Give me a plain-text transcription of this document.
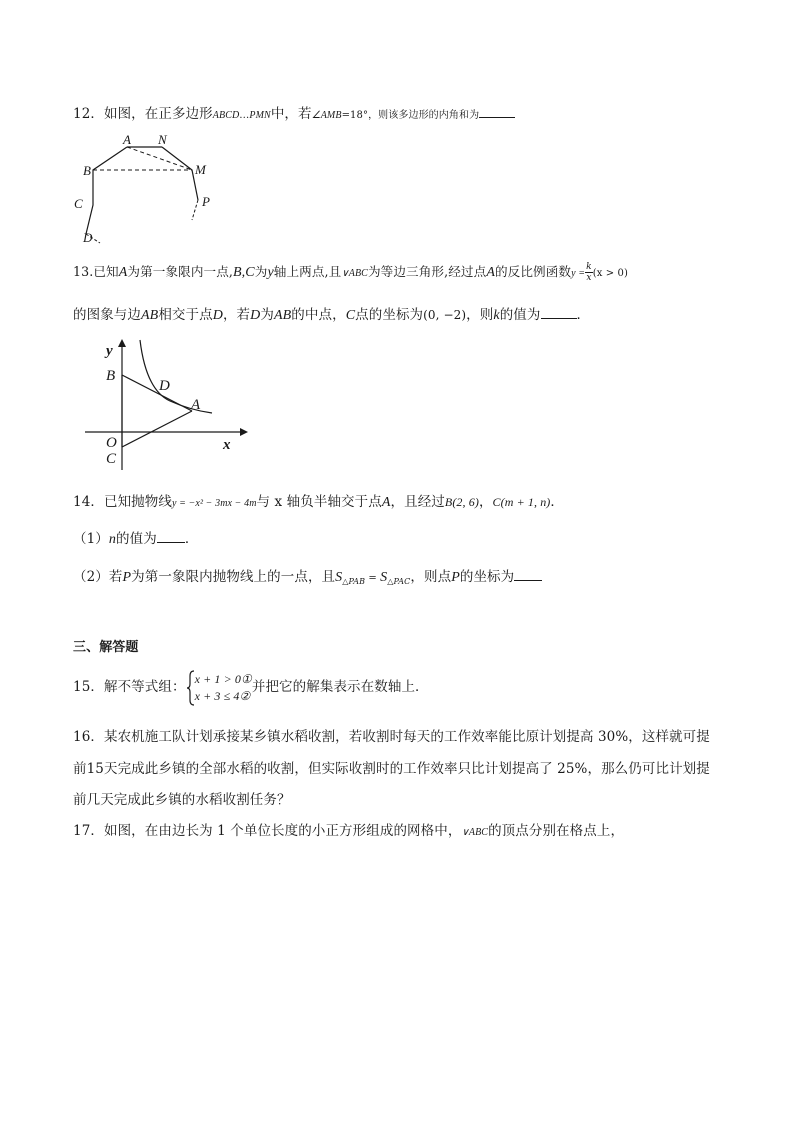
12．如图，在正多边形ABCD…PMN中，若∠AMB=18°，则该多边形的内角和为
A N
B	M
C	P
D
13.已知A为第一象限内一点,B,C为y轴上两点,且∨ABC为等边三角形,经过点A的反比例函数$y = \frac{k}{x} (x > 0)$
的图象与边AB相交于点D，若D为AB的中点，C点的坐标为(0, −2)，则k的值为	．
y
B
D
A
O
C
x
14．已知抛物线y = −x² − 3mx − 4m与 x 轴负半轴交于点A，且经过B(2, 6)，C(m + 1, n)．
（1）n的值为 ．
（2）若P为第一象限内抛物线上的一点，且$S_{\triangle PAB} = S_{\triangle PAC}$，则点P的坐标为
三、解答题
15．解不等式组： x + 1 > 0①
x + 3 ≤ 4②
并把它的解集表示在数轴上．
16．某农机施工队计划承接某乡镇水稻收割，若收割时每天的工作效率能比原计划提高 30%，这样就可提
前15天完成此乡镇的全部水稻的收割，但实际收割时的工作效率只比计划提高了 25%，那么仍可比计划提
前几天完成此乡镇的水稻收割任务？
17．如图，在由边长为 1 个单位长度的小正方形组成的网格中，∨ABC的顶点分别在格点上，
